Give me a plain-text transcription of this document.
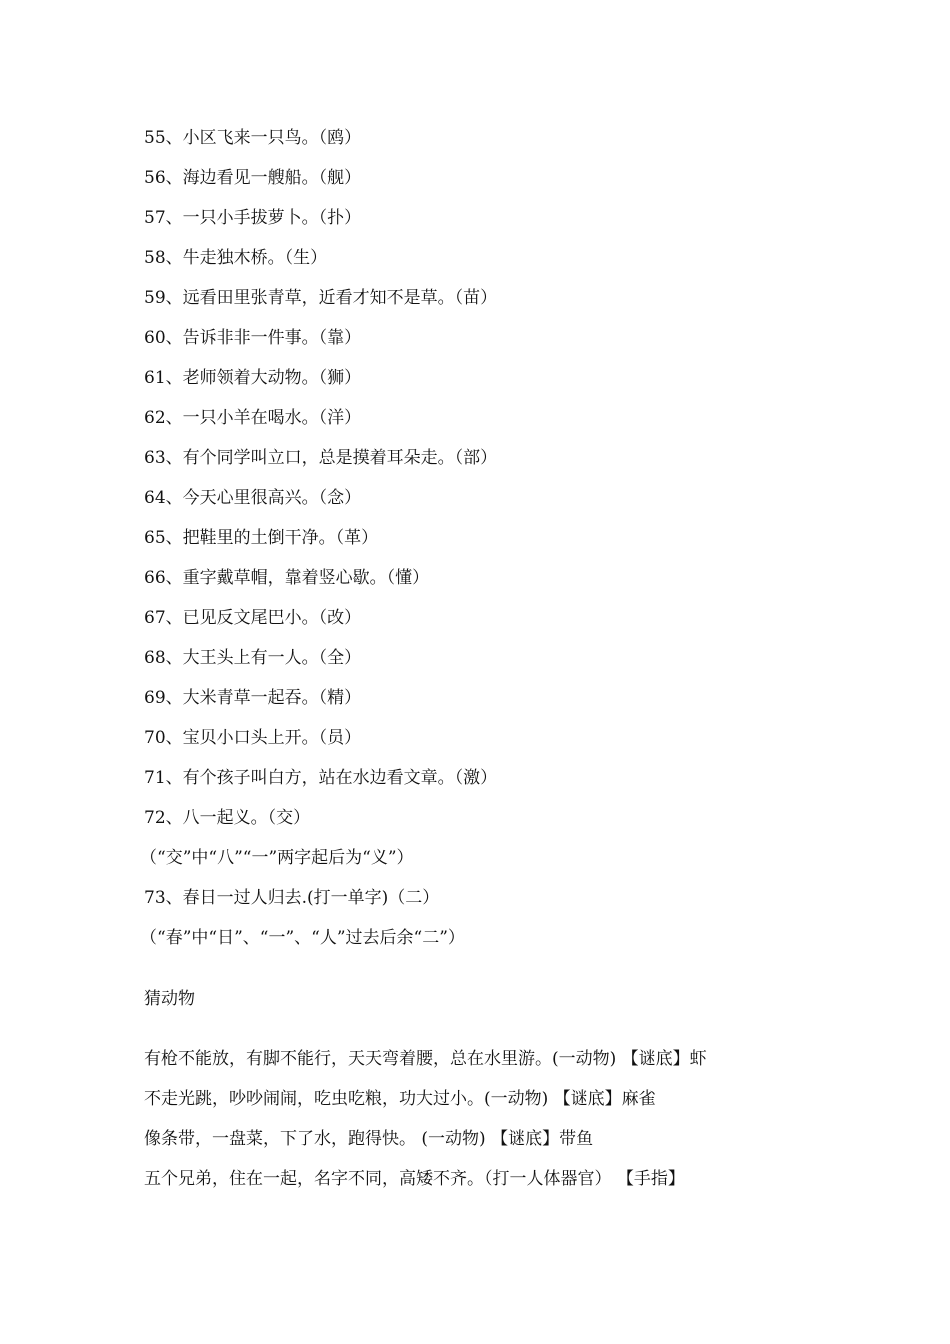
55、小区飞来一只鸟。（鸥）
56、海边看见一艘船。（舰）
57、一只小手拔萝卜。（扑）
58、牛走独木桥。（生）
59、远看田里张青草，近看才知不是草。（苗）
60、告诉非非一件事。（靠）
61、老师领着大动物。（狮）
62、一只小羊在喝水。（洋）
63、有个同学叫立口，总是摸着耳朵走。（部）
64、今天心里很高兴。（念）
65、把鞋里的土倒干净。（革）
66、重字戴草帽，靠着竖心歇。（懂）
67、已见反文尾巴小。（改）
68、大王头上有一人。（全）
69、大米青草一起吞。（精）
70、宝贝小口头上开。（员）
71、有个孩子叫白方，站在水边看文章。（激）
72、八一起义。（交）
（“交”中“八”“一”两字起后为“义”）
73、春日一过人归去.(打一单字)（二）
（“春”中“日”、“一”、“人”过去后余“二”）
猜动物
有枪不能放，有脚不能行，天天弯着腰，总在水里游。(一动物) 【谜底】虾
不走光跳，吵吵闹闹，吃虫吃粮，功大过小。(一动物) 【谜底】麻雀
像条带，一盘菜，下了水，跑得快。 (一动物) 【谜底】带鱼
五个兄弟，住在一起，名字不同，高矮不齐。（打一人体器官） 【手指】
